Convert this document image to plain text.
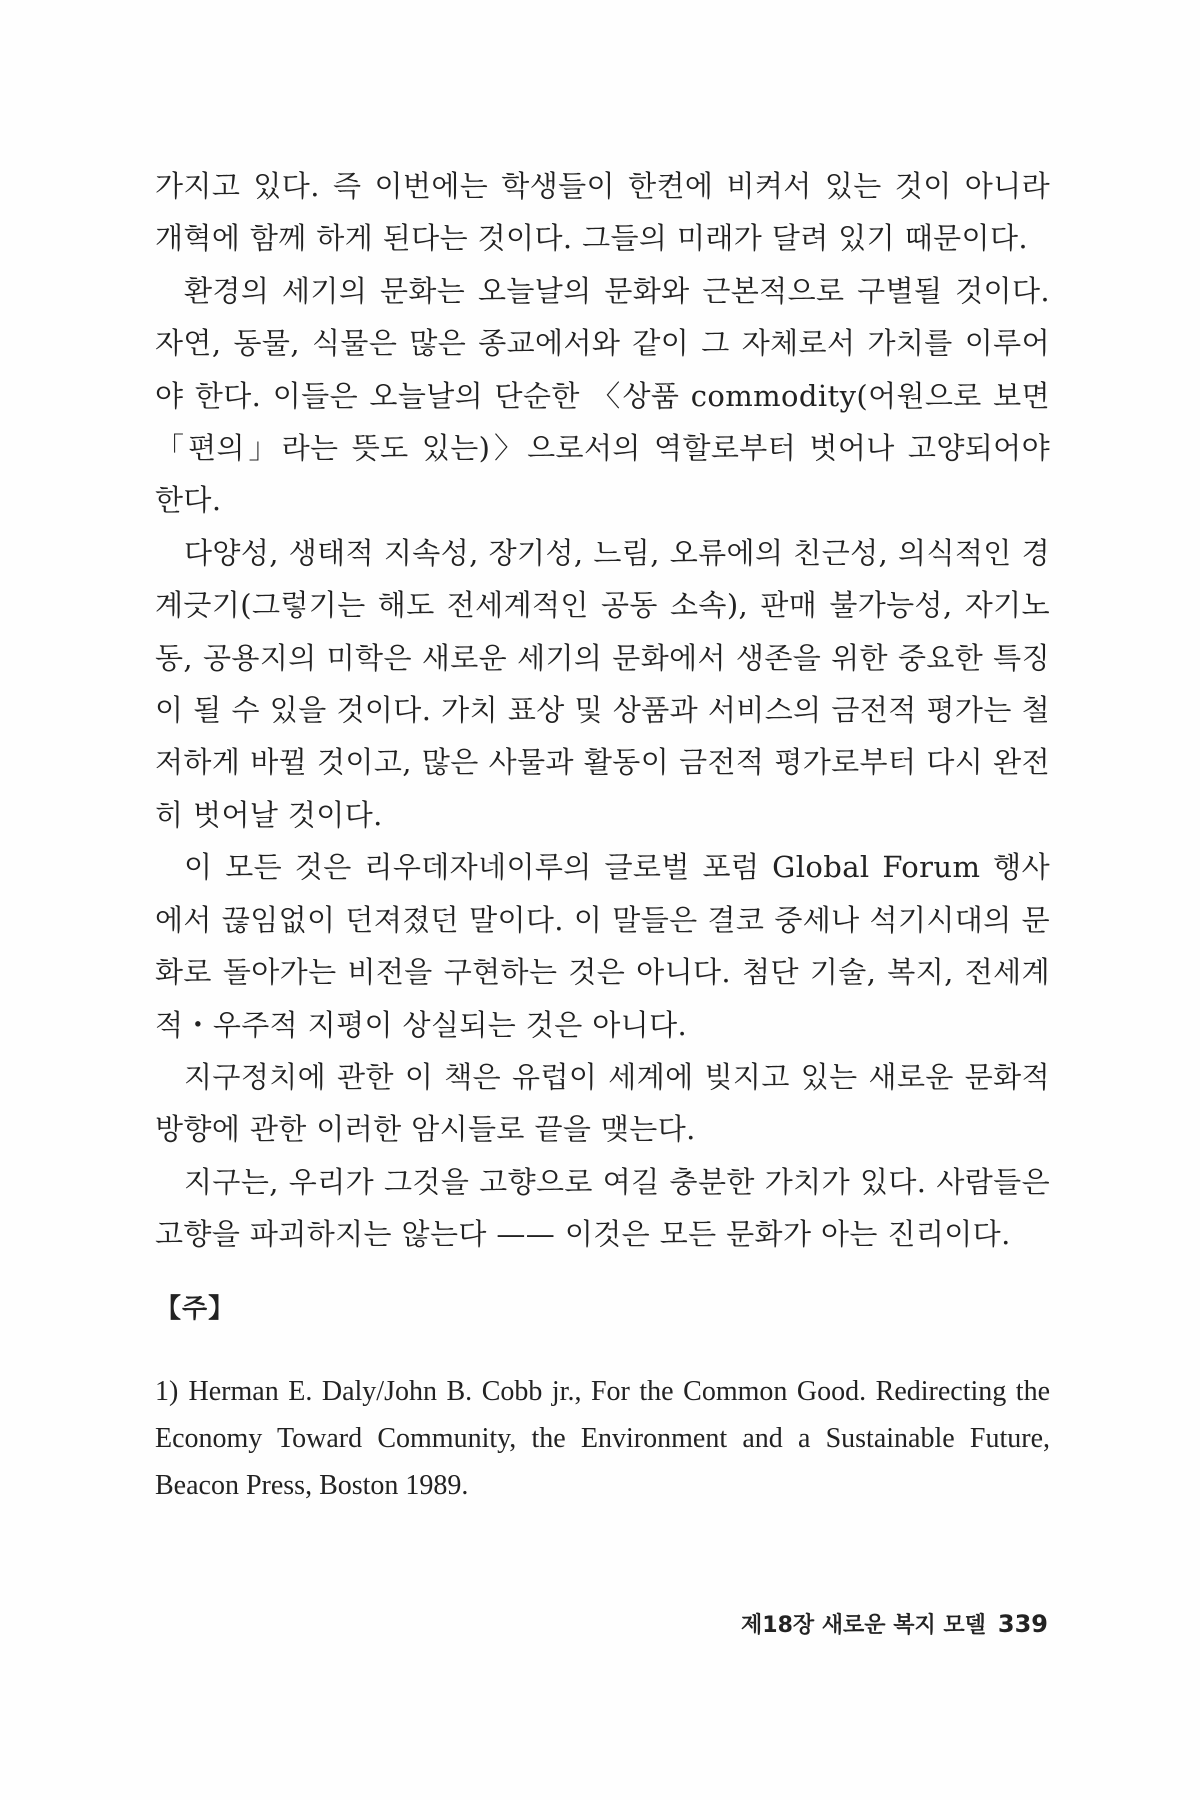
가지고 있다. 즉 이번에는 학생들이 한켠에 비켜서 있는 것이 아니라 개혁에 함께 하게 된다는 것이다. 그들의 미래가 달려 있기 때문이다.

환경의 세기의 문화는 오늘날의 문화와 근본적으로 구별될 것이다. 자연, 동물, 식물은 많은 종교에서와 같이 그 자체로서 가치를 이루어야 한다. 이들은 오늘날의 단순한 〈상품 commodity(어원으로 보면 「편의」라는 뜻도 있는)〉으로서의 역할로부터 벗어나 고양되어야 한다.

다양성, 생태적 지속성, 장기성, 느림, 오류에의 친근성, 의식적인 경계긋기(그렇기는 해도 전세계적인 공동 소속), 판매 불가능성, 자기노동, 공용지의 미학은 새로운 세기의 문화에서 생존을 위한 중요한 특징이 될 수 있을 것이다. 가치 표상 및 상품과 서비스의 금전적 평가는 철저하게 바뀔 것이고, 많은 사물과 활동이 금전적 평가로부터 다시 완전히 벗어날 것이다.

이 모든 것은 리우데자네이루의 글로벌 포럼 Global Forum 행사에서 끊임없이 던져졌던 말이다. 이 말들은 결코 중세나 석기시대의 문화로 돌아가는 비전을 구현하는 것은 아니다. 첨단 기술, 복지, 전세계적・우주적 지평이 상실되는 것은 아니다.

지구정치에 관한 이 책은 유럽이 세계에 빚지고 있는 새로운 문화적 방향에 관한 이러한 암시들로 끝을 맺는다.

지구는, 우리가 그것을 고향으로 여길 충분한 가치가 있다. 사람들은 고향을 파괴하지는 않는다 —— 이것은 모든 문화가 아는 진리이다.

【주】
1) Herman E. Daly/John B. Cobb jr., For the Common Good. Redirecting the Economy Toward Community, the Environment and a Sustainable Future, Beacon Press, Boston 1989.
제18장 새로운 복지 모델 339
